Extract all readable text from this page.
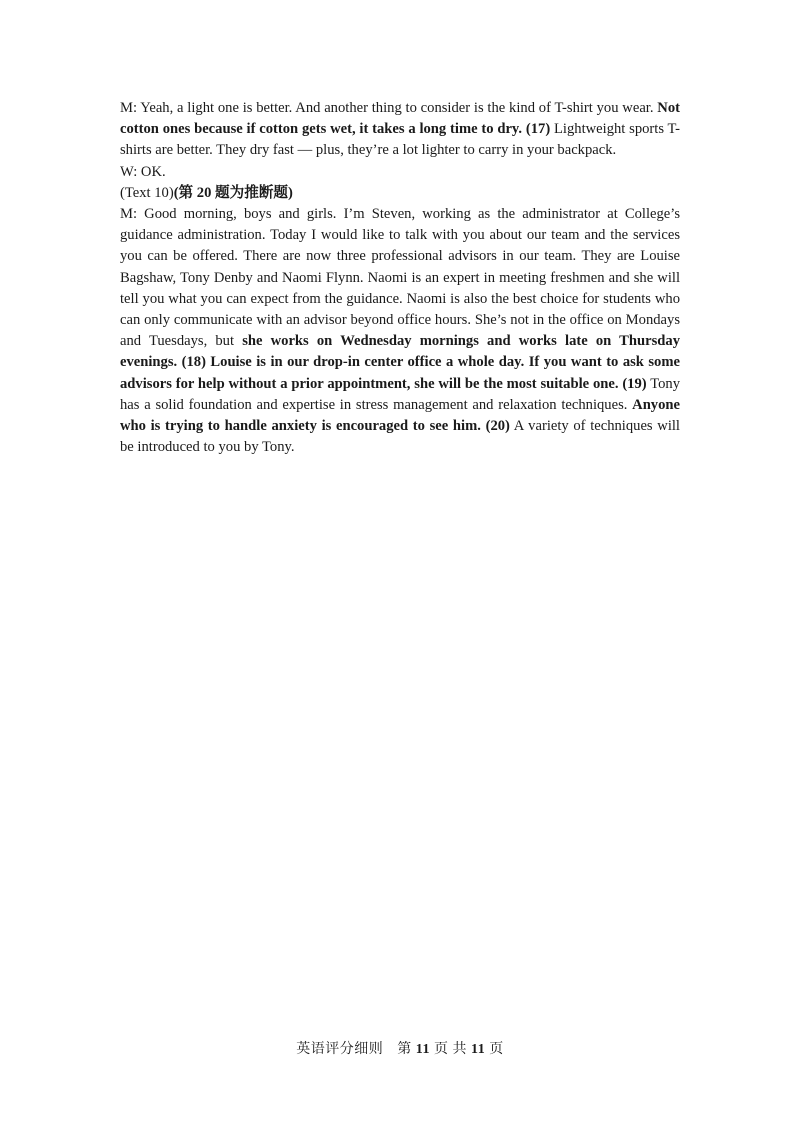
M: Yeah, a light one is better. And another thing to consider is the kind of T-shirt you wear. Not cotton ones because if cotton gets wet, it takes a long time to dry. (17) Lightweight sports T-shirts are better. They dry fast — plus, they’re a lot lighter to carry in your backpack.

W: OK.

(Text 10)(第 20 题为推断题)

M: Good morning, boys and girls. I’m Steven, working as the administrator at College’s guidance administration. Today I would like to talk with you about our team and the services you can be offered. There are now three professional advisors in our team. They are Louise Bagshaw, Tony Denby and Naomi Flynn. Naomi is an expert in meeting freshmen and she will tell you what you can expect from the guidance. Naomi is also the best choice for students who can only communicate with an advisor beyond office hours. She’s not in the office on Mondays and Tuesdays, but she works on Wednesday mornings and works late on Thursday evenings. (18) Louise is in our drop-in center office a whole day. If you want to ask some advisors for help without a prior appointment, she will be the most suitable one. (19) Tony has a solid foundation and expertise in stress management and relaxation techniques. Anyone who is trying to handle anxiety is encouraged to see him. (20) A variety of techniques will be introduced to you by Tony.

英语评分细则 第 11 页 共 11 页
